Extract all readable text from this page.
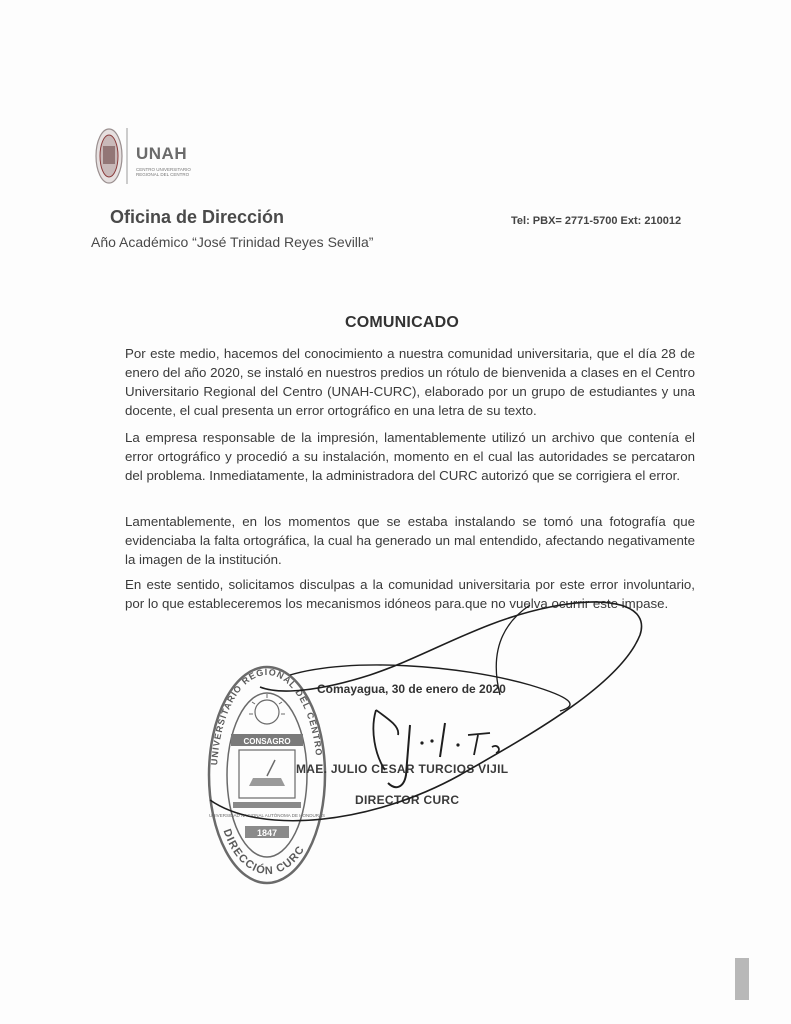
UNAH
CENTRO UNIVERSITARIO
REGIONAL DEL CENTRO
Oficina de Dirección
Año Académico “José Trinidad Reyes Sevilla”
Tel: PBX= 2771-5700 Ext: 210012
COMUNICADO
Por este medio, hacemos del conocimiento a nuestra comunidad universitaria, que el día 28 de enero del año 2020, se instaló en nuestros predios un rótulo de bienvenida a clases en el Centro Universitario Regional del Centro (UNAH-CURC), elaborado por un grupo de estudiantes y una docente, el cual presenta un error ortográfico en una letra de su texto.
La empresa responsable de la impresión, lamentablemente utilizó un archivo que contenía el error ortográfico y procedió a su instalación, momento en el cual las autoridades se percataron del problema. Inmediatamente, la administradora del CURC autorizó que se corrigiera el error.
Lamentablemente, en los momentos que se estaba instalando se tomó una fotografía que evidenciaba la falta ortográfica, la cual ha generado un mal entendido, afectando negativamente la imagen de la institución.
En este sentido, solicitamos disculpas a la comunidad universitaria por este error involuntario, por lo que estableceremos los mecanismos idóneos para.que no vuelva ocurrir este impase.
UNIVERSITARIO REGIONAL DEL CENTRO
CONSAGRO
UNIVERSIDAD NACIONAL AUTÓNOMA DE HONDURAS
1847
DIRECCIÓN CURC
Comayagua, 30 de enero de 2020
MAE. JULIO CESAR TURCIOS VIJIL
DIRECTOR CURC
